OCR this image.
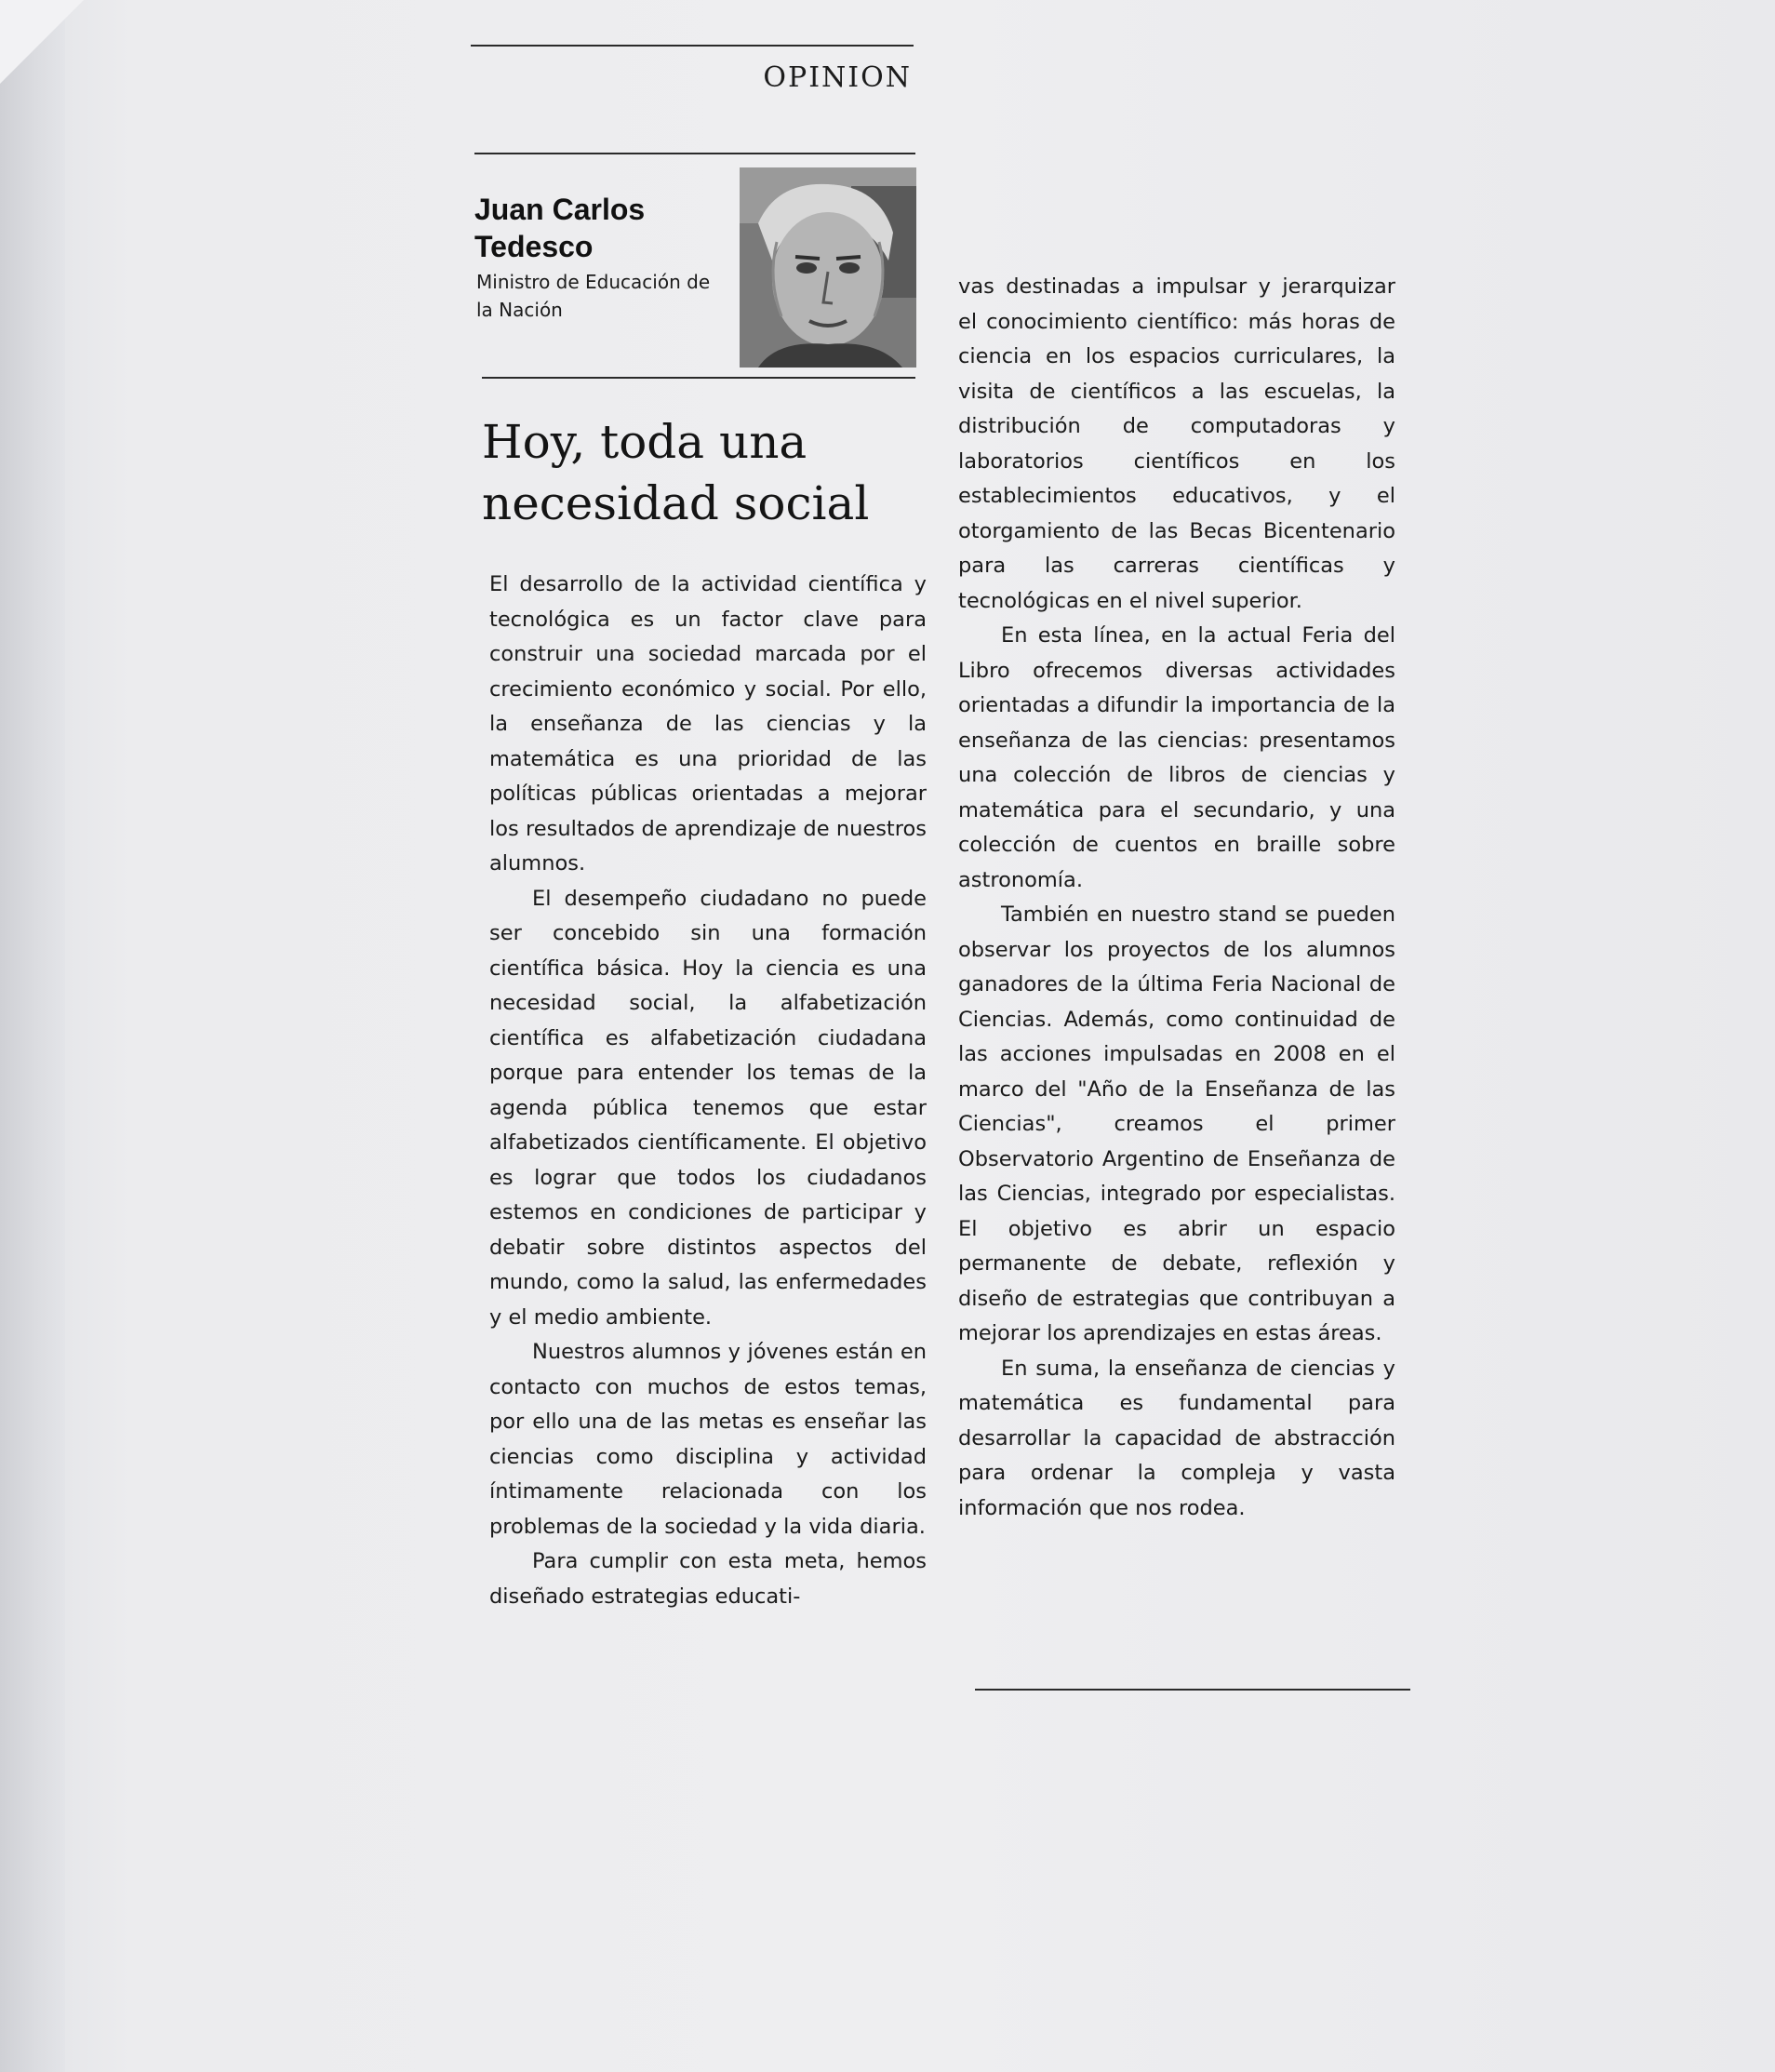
OPINION
Juan Carlos Tedesco
Ministro de Educación de la Nación
Hoy, toda una necesidad social

El desarrollo de la actividad científica y tecnológica es un factor clave para construir una sociedad marcada por el crecimiento económico y social. Por ello, la enseñanza de las ciencias y la matemática es una prioridad de las políticas públicas orientadas a mejorar los resultados de aprendizaje de nuestros alumnos.

El desempeño ciudadano no puede ser concebido sin una formación científica básica. Hoy la ciencia es una necesidad social, la alfabetización científica es alfabetización ciudadana porque para entender los temas de la agenda pública tenemos que estar alfabetizados científicamente. El objetivo es lograr que todos los ciudadanos estemos en condiciones de participar y debatir sobre distintos aspectos del mundo, como la salud, las enfermedades y el medio ambiente.

Nuestros alumnos y jóvenes están en contacto con muchos de estos temas, por ello una de las metas es enseñar las ciencias como disciplina y actividad íntimamente relacionada con los problemas de la sociedad y la vida diaria.

Para cumplir con esta meta, hemos diseñado estrategias educati-

vas destinadas a impulsar y jerarquizar el conocimiento científico: más horas de ciencia en los espacios curriculares, la visita de científicos a las escuelas, la distribución de computadoras y laboratorios científicos en los establecimientos educativos, y el otorgamiento de las Becas Bicentenario para las carreras científicas y tecnológicas en el nivel superior.

En esta línea, en la actual Feria del Libro ofrecemos diversas actividades orientadas a difundir la importancia de la enseñanza de las ciencias: presentamos una colección de libros de ciencias y matemática para el secundario, y una colección de cuentos en braille sobre astronomía.

También en nuestro stand se pueden observar los proyectos de los alumnos ganadores de la última Feria Nacional de Ciencias. Además, como continuidad de las acciones impulsadas en 2008 en el marco del "Año de la Enseñanza de las Ciencias", creamos el primer Observatorio Argentino de Enseñanza de las Ciencias, integrado por especialistas. El objetivo es abrir un espacio permanente de debate, reflexión y diseño de estrategias que contribuyan a mejorar los aprendizajes en estas áreas.

En suma, la enseñanza de ciencias y matemática es fundamental para desarrollar la capacidad de abstracción para ordenar la compleja y vasta información que nos rodea.
